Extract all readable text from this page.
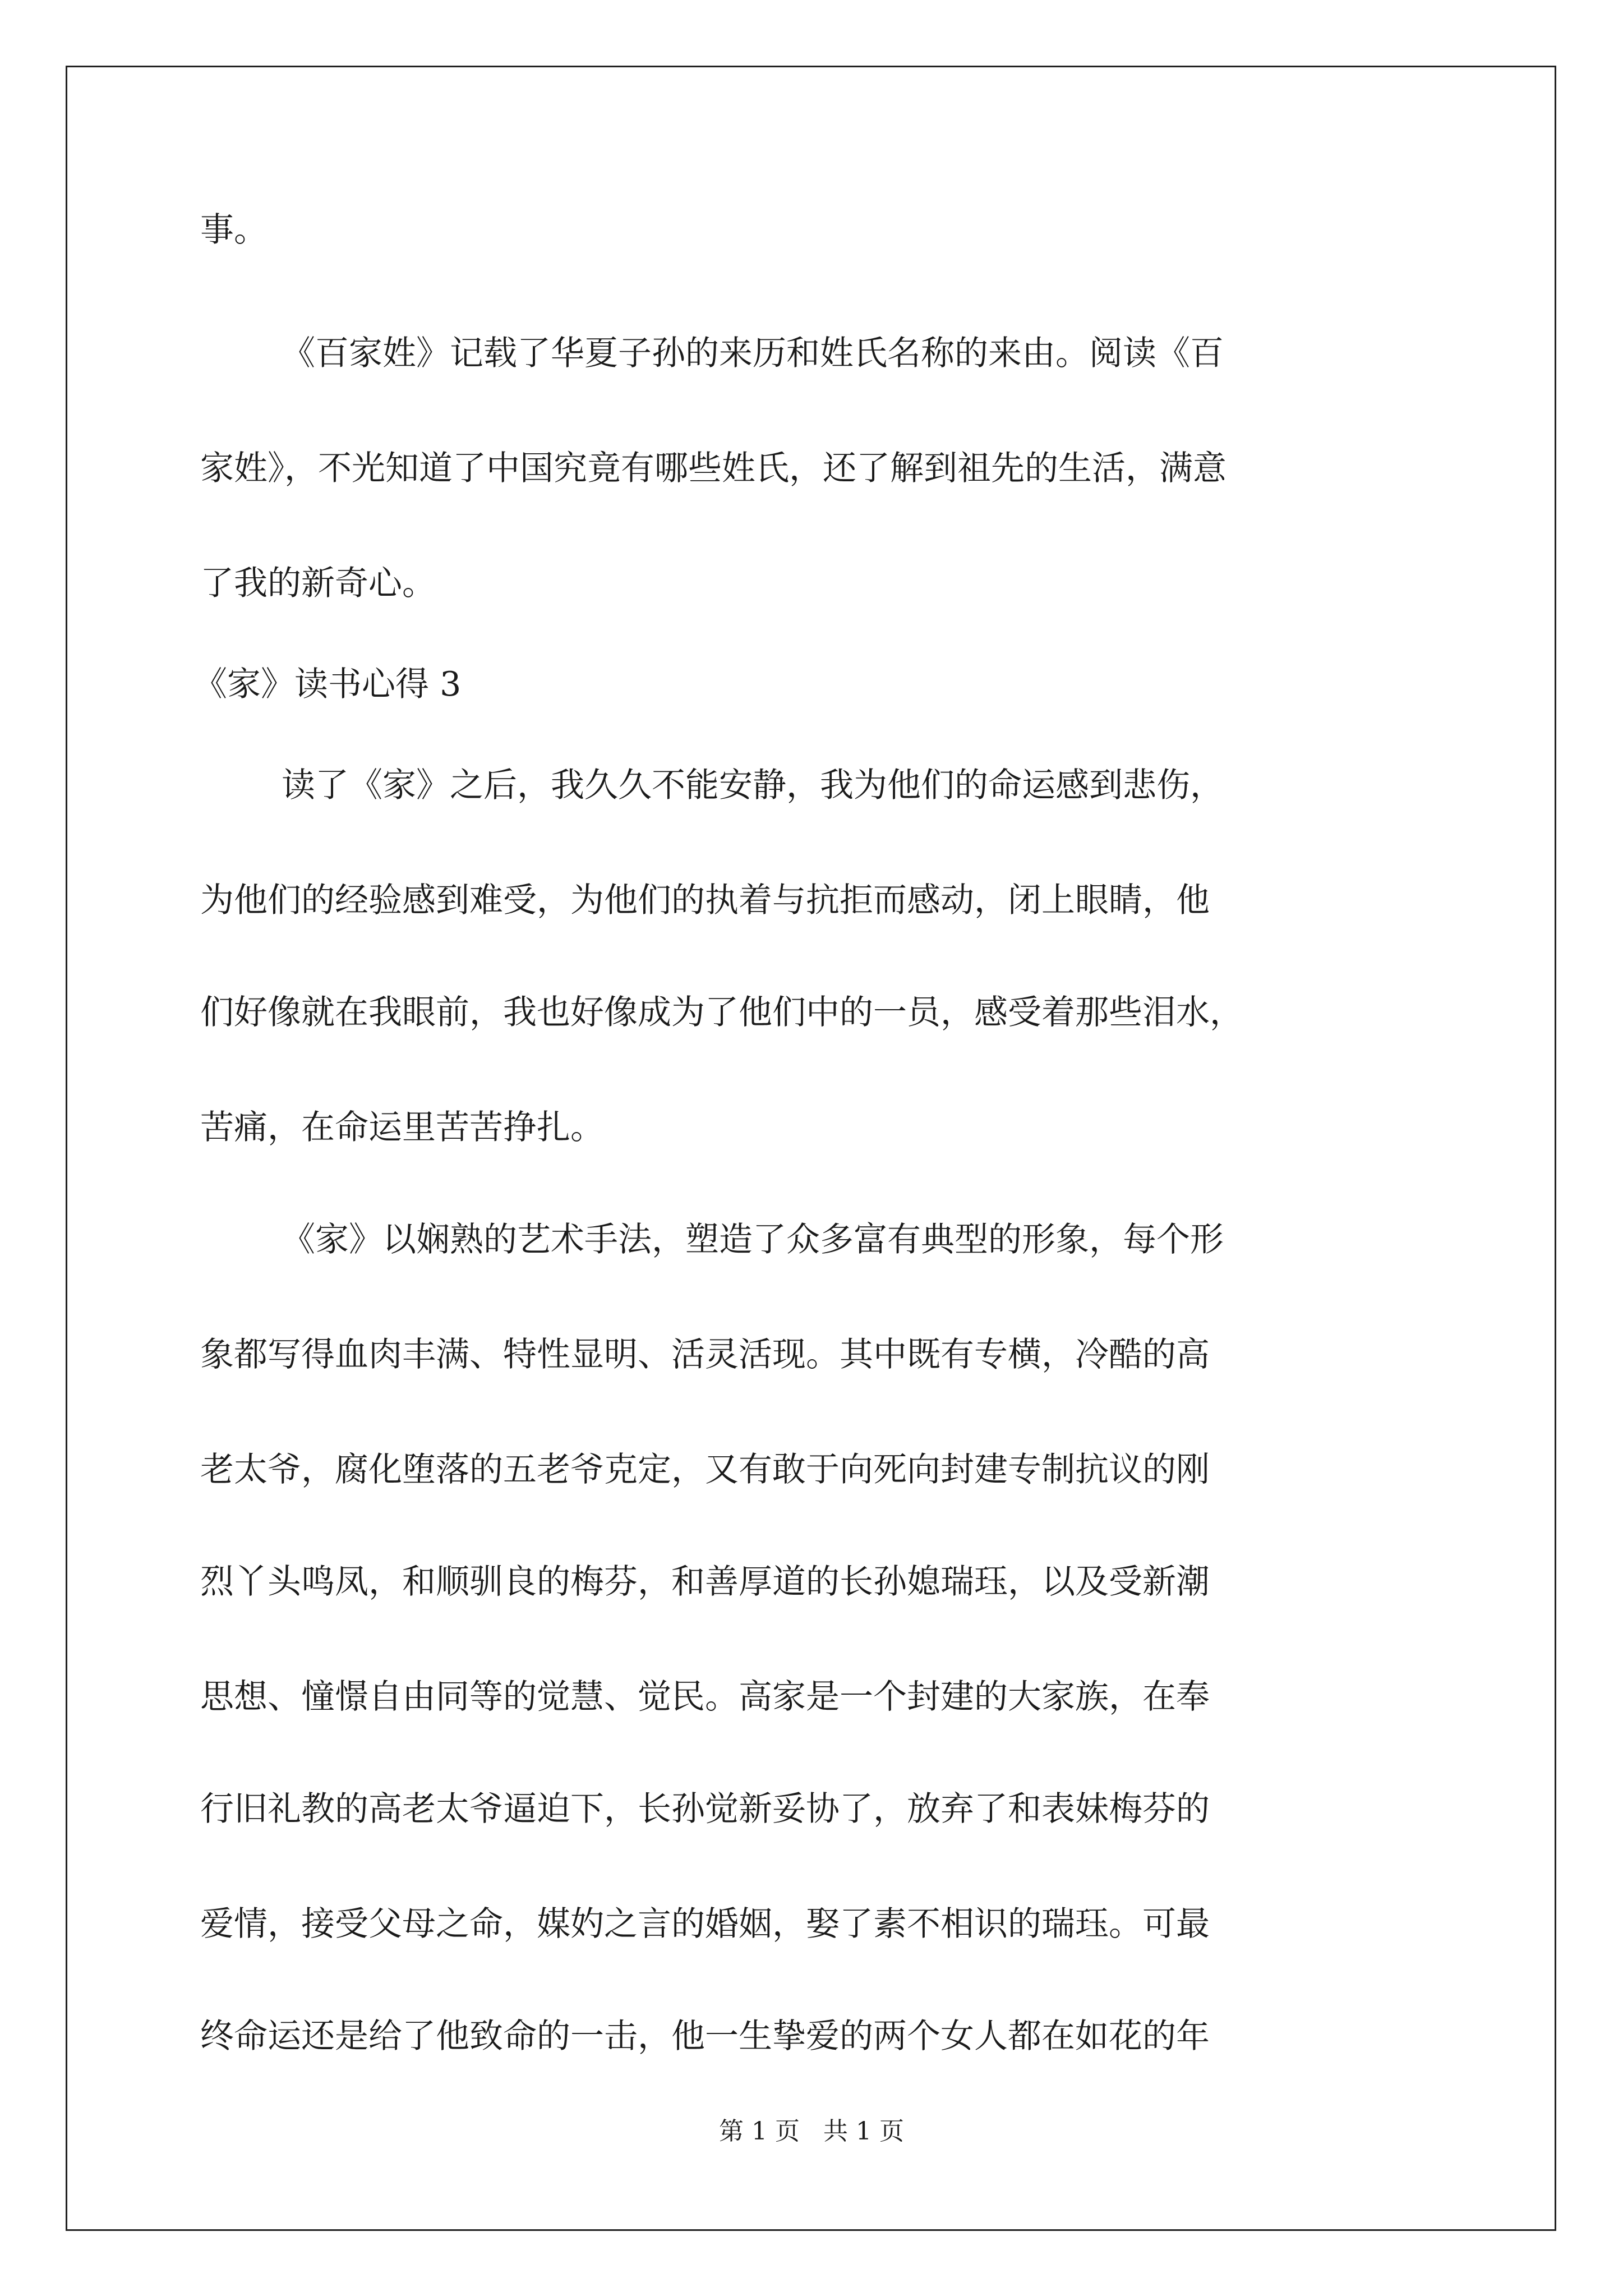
事。

《百家姓》记载了华夏子孙的来历和姓氏名称的来由。阅读《百

家姓》，不光知道了中国究竟有哪些姓氏，还了解到祖先的生活，满意

了我的新奇心。

《家》读书心得 3

读了《家》之后，我久久不能安静，我为他们的命运感到悲伤，

为他们的经验感到难受，为他们的执着与抗拒而感动，闭上眼睛，他

们好像就在我眼前，我也好像成为了他们中的一员，感受着那些泪水，

苦痛，在命运里苦苦挣扎。

《家》以娴熟的艺术手法，塑造了众多富有典型的形象，每个形

象都写得血肉丰满、特性显明、活灵活现。其中既有专横，冷酷的高

老太爷，腐化堕落的五老爷克定，又有敢于向死向封建专制抗议的刚

烈丫头鸣凤，和顺驯良的梅芬，和善厚道的长孙媳瑞珏，以及受新潮

思想、憧憬自由同等的觉慧、觉民。高家是一个封建的大家族，在奉

行旧礼教的高老太爷逼迫下，长孙觉新妥协了，放弃了和表妹梅芬的

爱情，接受父母之命，媒妁之言的婚姻，娶了素不相识的瑞珏。可最

终命运还是给了他致命的一击，他一生挚爱的两个女人都在如花的年

第 1 页 共 1 页
